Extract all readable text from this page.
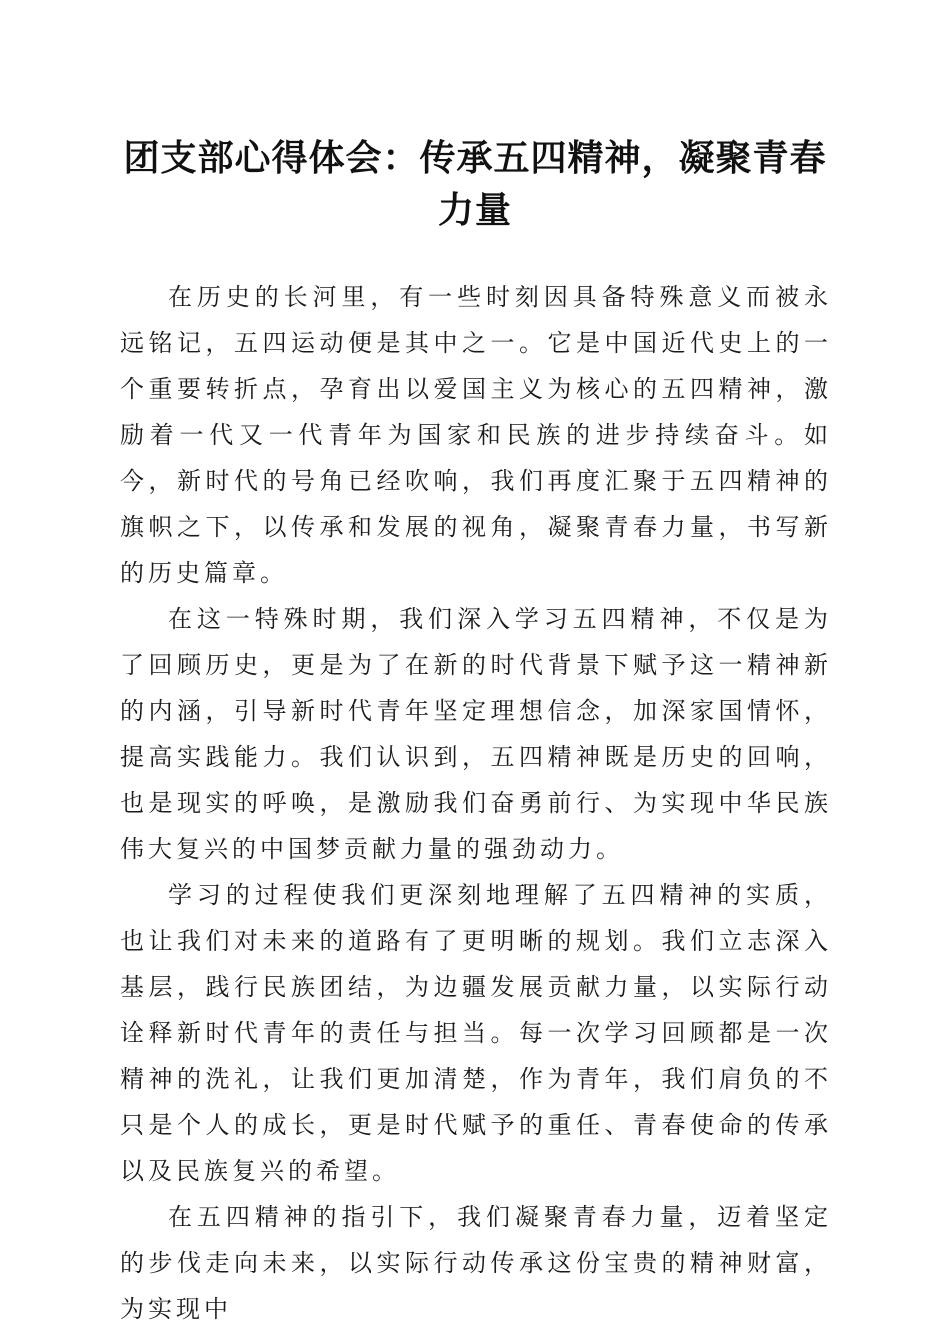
团支部心得体会：传承五四精神，凝聚青春力量

在历史的长河里，有一些时刻因具备特殊意义而被永远铭记，五四运动便是其中之一。它是中国近代史上的一个重要转折点，孕育出以爱国主义为核心的五四精神，激励着一代又一代青年为国家和民族的进步持续奋斗。如今，新时代的号角已经吹响，我们再度汇聚于五四精神的旗帜之下，以传承和发展的视角，凝聚青春力量，书写新的历史篇章。

在这一特殊时期，我们深入学习五四精神，不仅是为了回顾历史，更是为了在新的时代背景下赋予这一精神新的内涵，引导新时代青年坚定理想信念，加深家国情怀，提高实践能力。我们认识到，五四精神既是历史的回响，也是现实的呼唤，是激励我们奋勇前行、为实现中华民族伟大复兴的中国梦贡献力量的强劲动力。

学习的过程使我们更深刻地理解了五四精神的实质，也让我们对未来的道路有了更明晰的规划。我们立志深入基层，践行民族团结，为边疆发展贡献力量，以实际行动诠释新时代青年的责任与担当。每一次学习回顾都是一次精神的洗礼，让我们更加清楚，作为青年，我们肩负的不只是个人的成长，更是时代赋予的重任、青春使命的传承以及民族复兴的希望。

在五四精神的指引下，我们凝聚青春力量，迈着坚定的步伐走向未来，以实际行动传承这份宝贵的精神财富，为实现中
